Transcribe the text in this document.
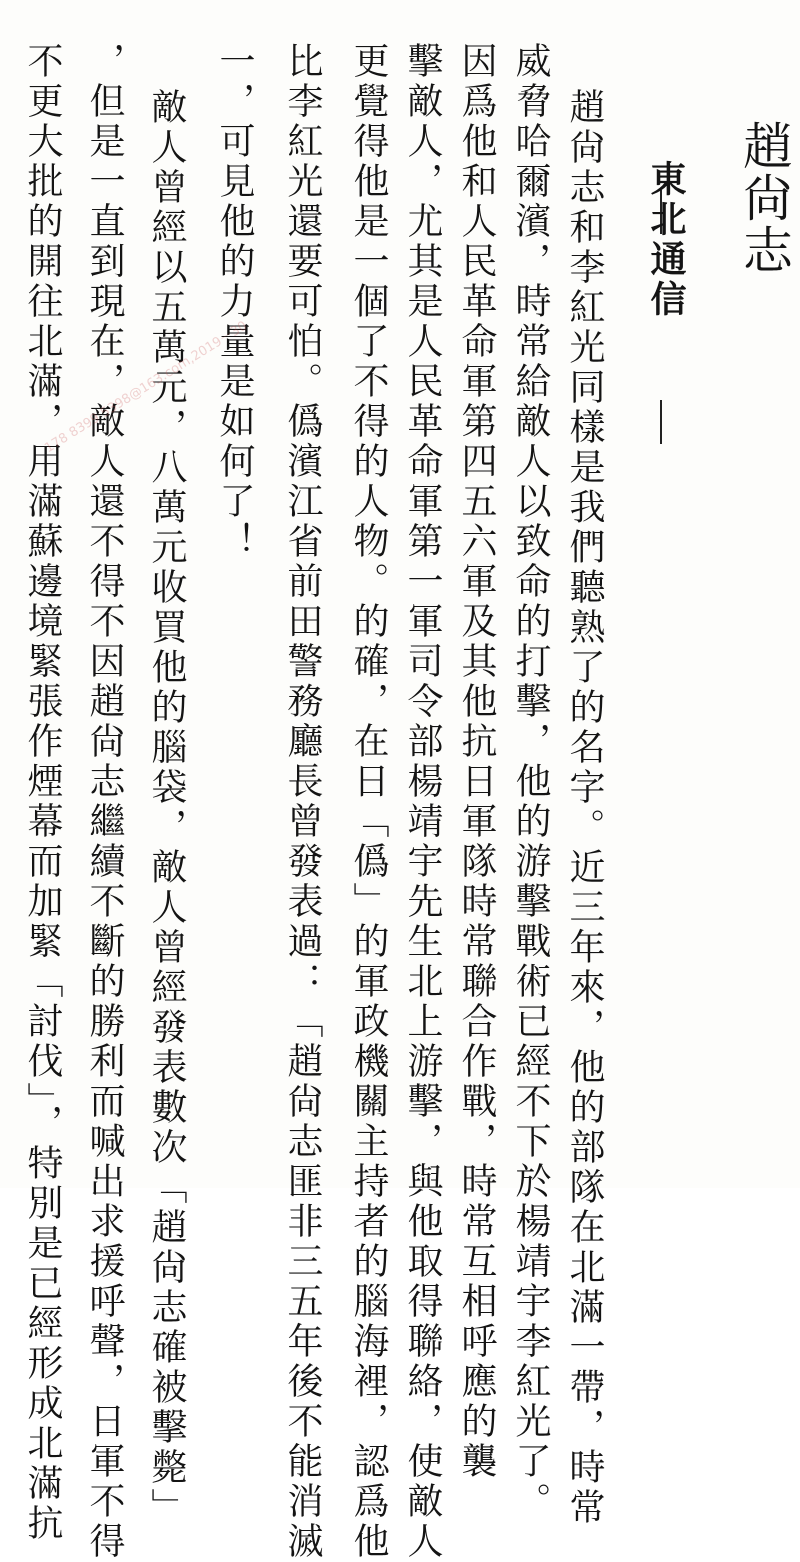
趙尙志
東北通信
趙尙志和李紅光同樣是我們聽熟了的名字。近三年來，他的部隊在北滿一帶，時常
威脅哈爾濱，時常給敵人以致命的打擊，他的游擊戰術已經不下於楊靖宇李紅光了。
因爲他和人民革命軍第四五六軍及其他抗日軍隊時常聯合作戰，時常互相呼應的襲
擊敵人，尤其是人民革命軍第一軍司令部楊靖宇先生北上游擊，與他取得聯絡，使敵人
更覺得他是一個了不得的人物。的確，在日「僞」的軍政機關主持者的腦海裡，認爲他
比李紅光還要可怕。僞濱江省前田警務廳長曾發表過：「趙尙志匪非三五年後不能消滅
一，可見他的力量是如何了！
敵人曾經以五萬元，八萬元收買他的腦袋，敵人曾經發表數次「趙尙志確被擊斃」
，但是一直到現在，敵人還不得不因趙尙志繼續不斷的勝利而喊出求援呼聲，日軍不得
不更大批的開往北滿，用滿蘇邊境緊張作煙幕而加緊「討伐」，特別是已經形成北滿抗
178 8399 5398@163.com,2019－30
